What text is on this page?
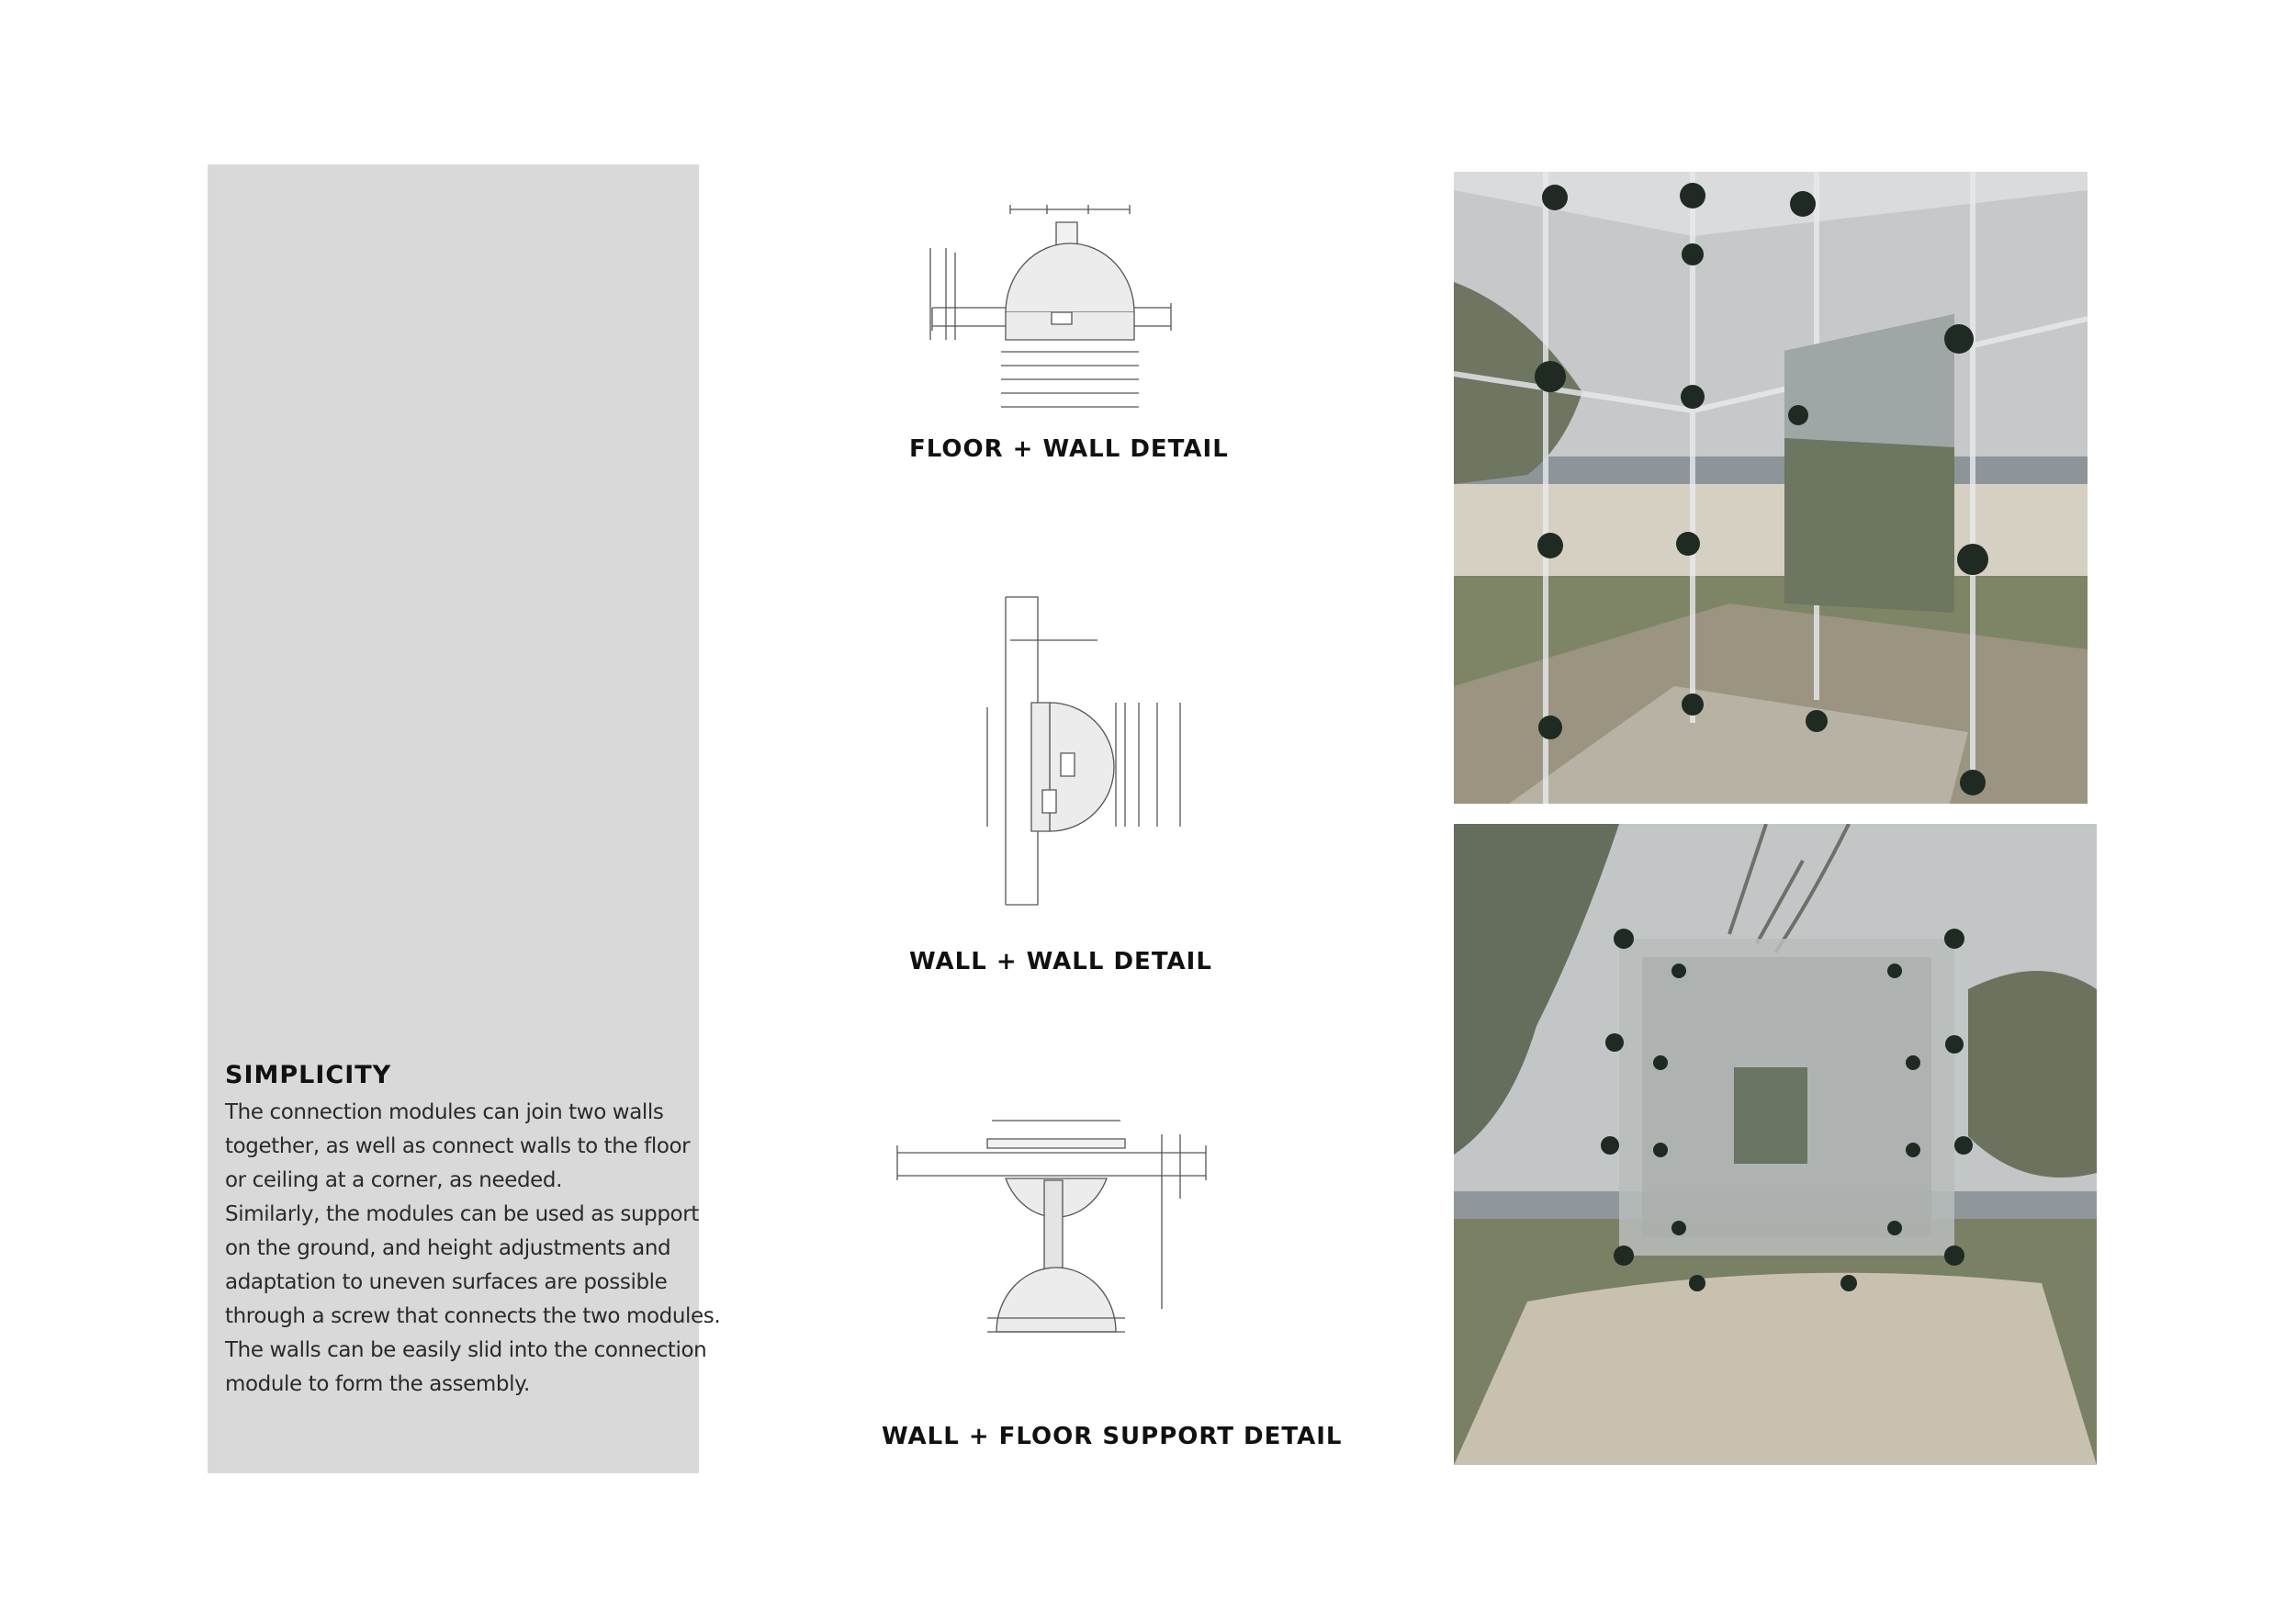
SIMPLICITY

The connection modules can join two walls

together, as well as connect walls to the floor

or ceiling at a corner, as needed.

Similarly, the modules can be used as support

on the ground, and height adjustments and

adaptation to uneven surfaces are possible

through a screw that connects the two modules.

The walls can be easily slid into the connection

module to form the assembly.

FLOOR + WALL DETAIL
WALL + WALL DETAIL
WALL + FLOOR SUPPORT DETAIL
